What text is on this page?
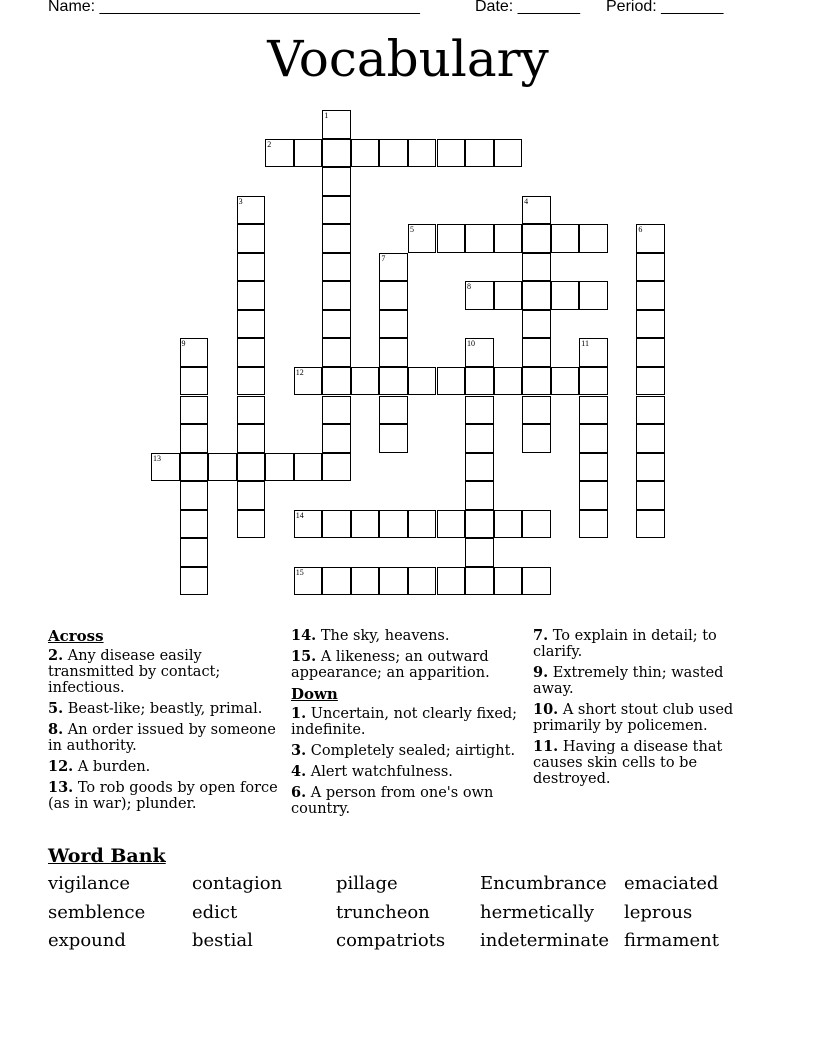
Name: ____________________________________	Date: _______ Period: _______
Vocabulary
1
2
3	4
5	6
7
8
9	10	11
12
13
14
15
Across
2. Any disease easily transmitted by contact; infectious.
5. Beast-like; beastly, primal.
8. An order issued by someone in authority.
12. A burden.
13. To rob goods by open force (as in war); plunder.
14. The sky, heavens.
15. A likeness; an outward appearance; an apparition.
Down
1. Uncertain, not clearly fixed; indefinite.
3. Completely sealed; airtight.
4. Alert watchfulness.
6. A person from one's own country.
7. To explain in detail; to clarify.
9. Extremely thin; wasted away.
10. A short stout club used primarily by policemen.
11. Having a disease that causes skin cells to be destroyed.
Word Bank
vigilance	contagion	pillage	Encumbrance emaciated
semblence	edict	truncheon	hermetically leprous
expound	bestial	compatriots indeterminate firmament
